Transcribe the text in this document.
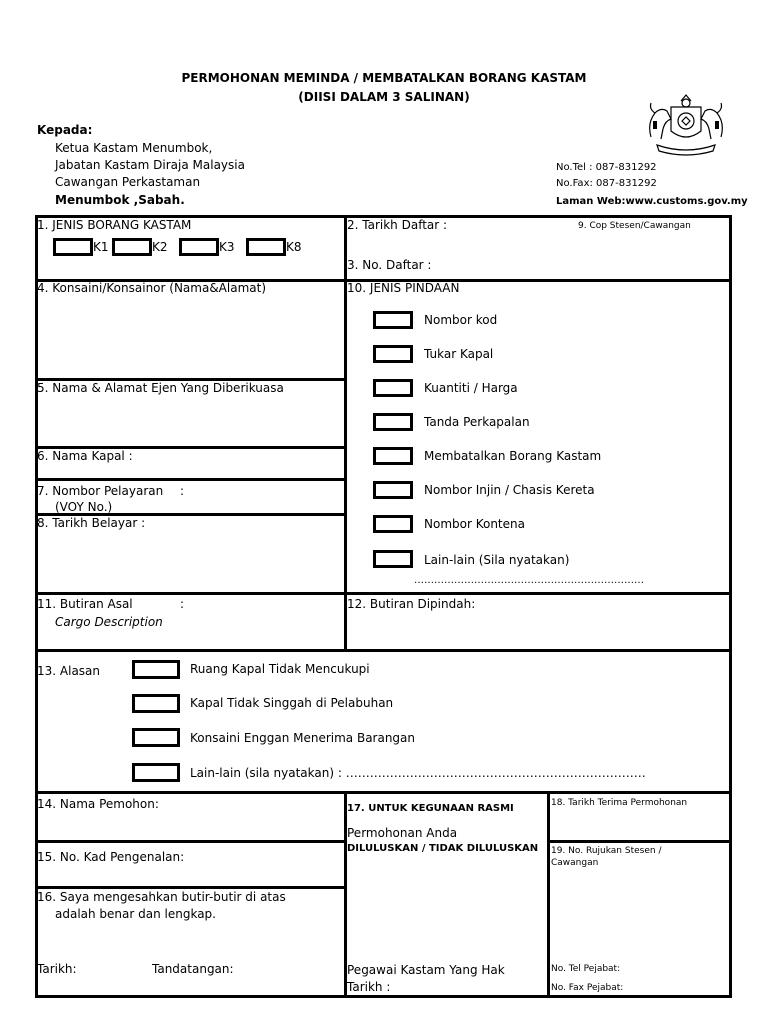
PERMOHONAN MEMINDA / MEMBATALKAN BORANG KASTAM
(DIISI DALAM 3 SALINAN)
Kepada:
Ketua Kastam Menumbok,
Jabatan Kastam Diraja Malaysia
Cawangan Perkastaman
Menumbok ,Sabah.
No.Tel : 087-831292
No.Fax: 087-831292
Laman Web:www.customs.gov.my
1. JENIS BORANG KASTAM
K1	K2	K3	K8
2. Tarikh Daftar :
3. No. Daftar :
9. Cop Stesen/Cawangan
4. Konsaini/Konsainor (Nama&Alamat)
5. Nama & Alamat Ejen Yang Diberikuasa
6. Nama Kapal :
7. Nombor Pelayaran :
(VOY No.)
8. Tarikh Belayar :
10. JENIS PINDAAN
Nombor kod
Tukar Kapal
Kuantiti / Harga
Tanda Perkapalan
Membatalkan Borang Kastam
Nombor Injin / Chasis Kereta
Nombor Kontena
Lain-lain (Sila nyatakan)
……………………………………………………………
11. Butiran Asal	:
Cargo Description
12. Butiran Dipindah:
13. Alasan	Ruang Kapal Tidak Mencukupi
Kapal Tidak Singgah di Pelabuhan
Konsaini Enggan Menerima Barangan
Lain-lain (sila nyatakan) : …………………………………………………………………
14. Nama Pemohon:
15. No. Kad Pengenalan:
16. Saya mengesahkan butir-butir di atas
adalah benar dan lengkap.
Tarikh:	Tandatangan:
17. UNTUK KEGUNAAN RASMI
Permohonan Anda
DILULUSKAN / TIDAK DILULUSKAN
Pegawai Kastam Yang Hak
Tarikh :
18. Tarikh Terima Permohonan
19. No. Rujukan Stesen /
Cawangan
No. Tel Pejabat:
No. Fax Pejabat:
